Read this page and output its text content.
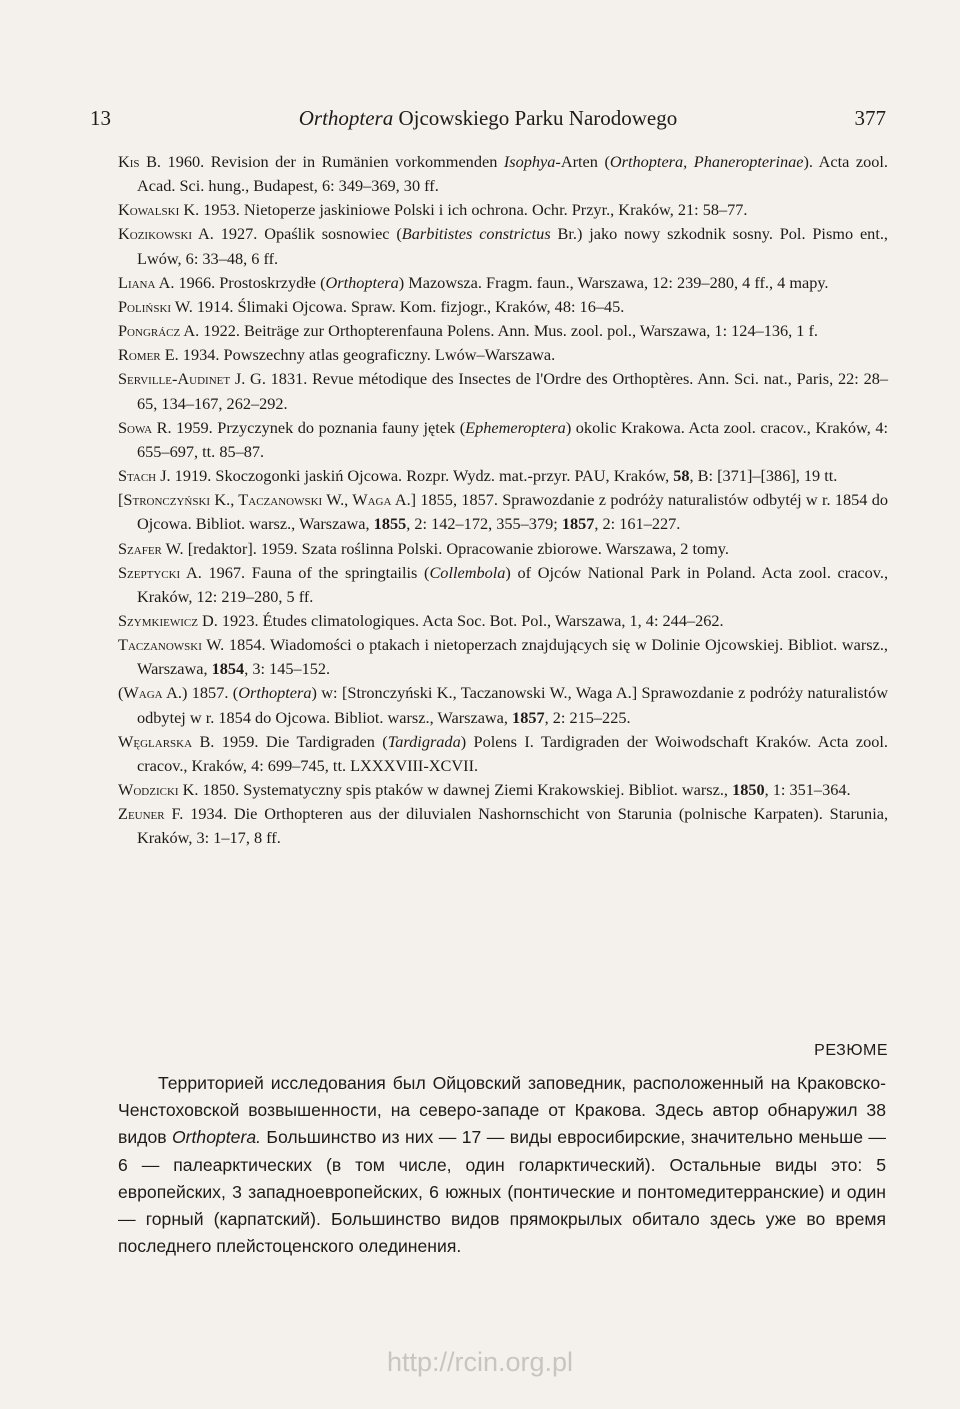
13	Orthoptera Ojcowskiego Parku Narodowego	377
Kis B. 1960. Revision der in Rumänien vorkommenden Isophya-Arten (Orthoptera, Phaneropterinae). Acta zool. Acad. Sci. hung., Budapest, 6: 349–369, 30 ff.
Kowalski K. 1953. Nietoperze jaskiniowe Polski i ich ochrona. Ochr. Przyr., Kraków, 21: 58–77.
Kozikowski A. 1927. Opaślik sosnowiec (Barbitistes constrictus Br.) jako nowy szkodnik sosny. Pol. Pismo ent., Lwów, 6: 33–48, 6 ff.
Liana A. 1966. Prostoskrzydłe (Orthoptera) Mazowsza. Fragm. faun., Warszawa, 12: 239–280, 4 ff., 4 mapy.
Poliński W. 1914. Ślimaki Ojcowa. Spraw. Kom. fizjogr., Kraków, 48: 16–45.
Pongrácz A. 1922. Beiträge zur Orthopterenfauna Polens. Ann. Mus. zool. pol., Warszawa, 1: 124–136, 1 f.
Romer E. 1934. Powszechny atlas geograficzny. Lwów–Warszawa.
Serville-Audinet J. G. 1831. Revue métodique des Insectes de l'Ordre des Orthoptères. Ann. Sci. nat., Paris, 22: 28–65, 134–167, 262–292.
Sowa R. 1959. Przyczynek do poznania fauny jętek (Ephemeroptera) okolic Krakowa. Acta zool. cracov., Kraków, 4: 655–697, tt. 85–87.
Stach J. 1919. Skoczogonki jaskiń Ojcowa. Rozpr. Wydz. mat.-przyr. PAU, Kraków, 58, B: [371]–[386], 19 tt.
[Stronczyński K., Taczanowski W., Waga A.] 1855, 1857. Sprawozdanie z podróży naturalistów odbytéj w r. 1854 do Ojcowa. Bibliot. warsz., Warszawa, 1855, 2: 142–172, 355–379; 1857, 2: 161–227.
Szafer W. [redaktor]. 1959. Szata roślinna Polski. Opracowanie zbiorowe. Warszawa, 2 tomy.
Szeptycki A. 1967. Fauna of the springtailis (Collembola) of Ojców National Park in Poland. Acta zool. cracov., Kraków, 12: 219–280, 5 ff.
Szymkiewicz D. 1923. Études climatologiques. Acta Soc. Bot. Pol., Warszawa, 1, 4: 244–262.
Taczanowski W. 1854. Wiadomości o ptakach i nietoperzach znajdujących się w Dolinie Ojcowskiej. Bibliot. warsz., Warszawa, 1854, 3: 145–152.
(Waga A.) 1857. (Orthoptera) w: [Stronczyński K., Taczanowski W., Waga A.] Sprawozdanie z podróży naturalistów odbytej w r. 1854 do Ojcowa. Bibliot. warsz., Warszawa, 1857, 2: 215–225.
Węglarska B. 1959. Die Tardigraden (Tardigrada) Polens I. Tardigraden der Woiwodschaft Kraków. Acta zool. cracov., Kraków, 4: 699–745, tt. LXXXVIII-XCVII.
Wodzicki K. 1850. Systematyczny spis ptaków w dawnej Ziemi Krakowskiej. Bibliot. warsz., 1850, 1: 351–364.
Zeuner F. 1934. Die Orthopteren aus der diluvialen Nashornschicht von Starunia (polnische Karpaten). Starunia, Kraków, 3: 1–17, 8 ff.
РЕЗЮМЕ
Территорией исследования был Ойцовский заповедник, расположенный на Краковско-Ченстоховской возвышенности, на северо-западе от Кракова. Здесь автор обнаружил 38 видов Orthoptera. Большинство из них — 17 — виды евросибирские, значительно меньше — 6 — палеарктических (в том числе, один голарктический). Остальные виды это: 5 европейских, 3 западноевропейских, 6 южных (понтические и понтомедитерранские) и один — горный (карпатский). Большинство видов прямокрылых обитало здесь уже во время последнего плейстоценского олединения.
http://rcin.org.pl
